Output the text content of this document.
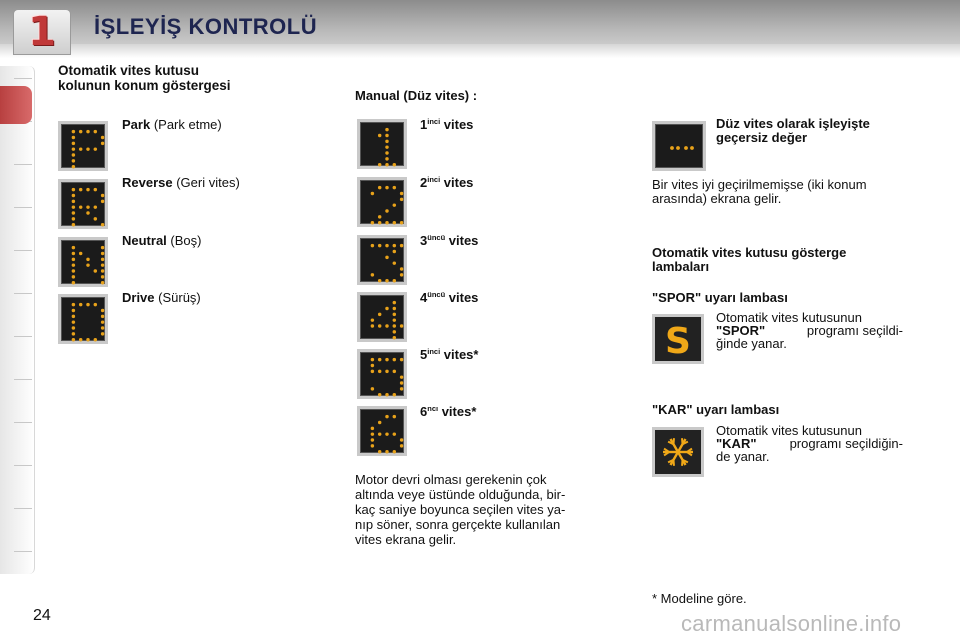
1	İŞLEYİŞ KONTROLÜ
Otomatik vites kutusu
kolunun konum göstergesi
Manual (Düz vites) :
Motor devri olması gerekenin çok
altında veye üstünde olduğunda, bir-
kaç saniye boyunca seçilen vites ya-
nıp söner, sonra gerçekte kullanılan
vites ekrana gelir.
Düz vites olarak işleyişte
geçersiz değer
Bir vites iyi geçirilmemişse (iki konum
arasında) ekrana gelir.
Otomatik vites kutusu gösterge
lambaları
"SPOR" uyarı lambası
S
Otomatik vites kutusunun
"SPOR"	programı seçildi-
ğinde yanar.
"KAR" uyarı lambası
Otomatik vites kutusunun
"KAR"	programı seçildiğin-
de yanar.
* Modeline göre.
24	carmanualsonline.info
Park (Park etme)
Reverse (Geri vites)
Neutral (Boş)
Drive (Sürüş)
$1^{inci}$ vites
$2^{inci}$ vites
$3^{üncü}$ vites
$4^{üncü}$ vites
$5^{inci}$ vites*
$6^{ncı}$ vites*
